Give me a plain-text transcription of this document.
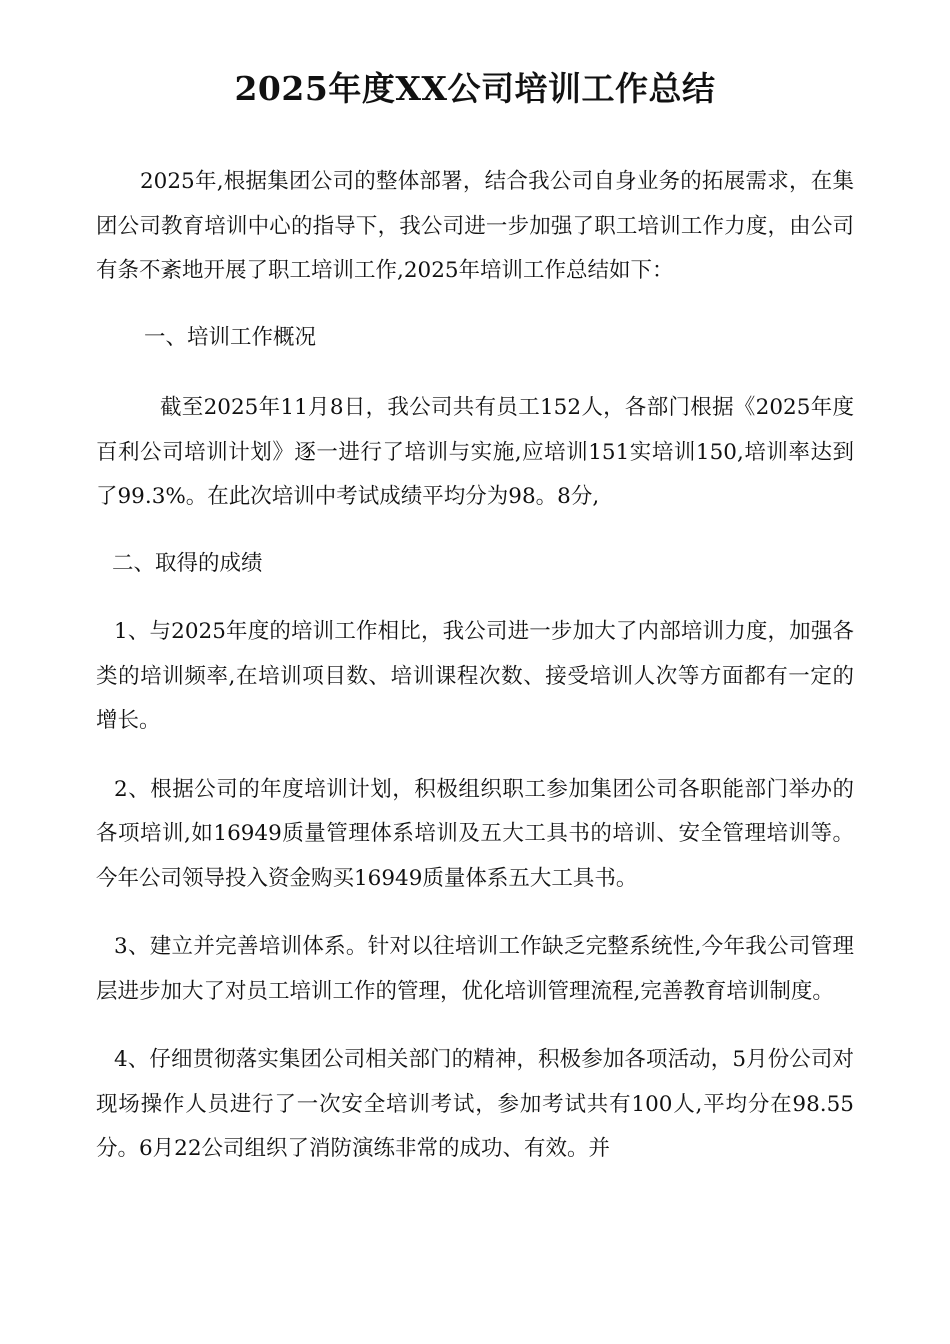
2025年度XX公司培训工作总结

2025年,根据集团公司的整体部署，结合我公司自身业务的拓展需求，在集团公司教育培训中心的指导下，我公司进一步加强了职工培训工作力度，由公司有条不紊地开展了职工培训工作,2025年培训工作总结如下：

一、培训工作概况

截至2025年11月8日，我公司共有员工152人，各部门根据《2025年度百利公司培训计划》逐一进行了培训与实施,应培训151实培训150,培训率达到了99.3%。在此次培训中考试成绩平均分为98。8分,

二、取得的成绩

1、与2025年度的培训工作相比，我公司进一步加大了内部培训力度，加强各类的培训频率,在培训项目数、培训课程次数、接受培训人次等方面都有一定的增长。

2、根据公司的年度培训计划，积极组织职工参加集团公司各职能部门举办的各项培训,如16949质量管理体系培训及五大工具书的培训、安全管理培训等。今年公司领导投入资金购买16949质量体系五大工具书。

3、建立并完善培训体系。针对以往培训工作缺乏完整系统性,今年我公司管理层进步加大了对员工培训工作的管理，优化培训管理流程,完善教育培训制度。

4、仔细贯彻落实集团公司相关部门的精神，积极参加各项活动，5月份公司对现场操作人员进行了一次安全培训考试，参加考试共有100人,平均分在98.55分。6月22公司组织了消防演练非常的成功、有效。并
